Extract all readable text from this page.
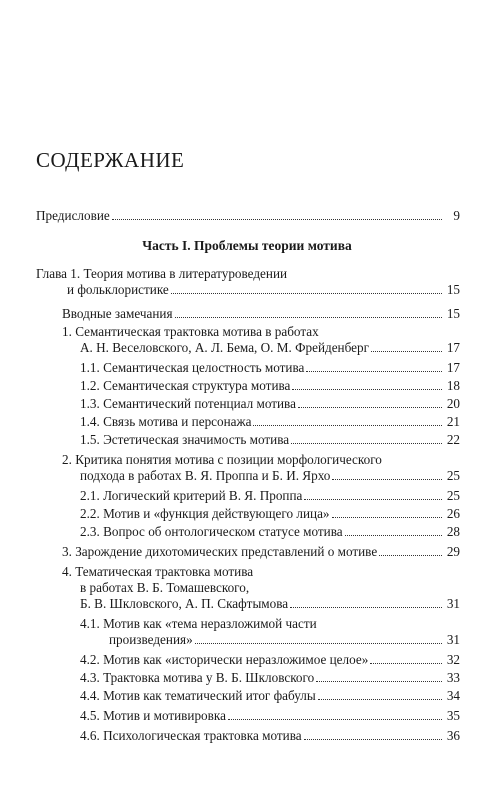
СОДЕРЖАНИЕ
Предисловие	9
Часть I. Проблемы теории мотива
Глава 1. Теория мотива в литературоведении
и фольклористике	15
Вводные замечания	15
1. Семантическая трактовка мотива в работах
А. Н. Веселовского, А. Л. Бема, О. М. Фрейденберг	17
1.1. Семантическая целостность мотива	17
1.2. Семантическая структура мотива	18
1.3. Семантический потенциал мотива	20
1.4. Связь мотива и персонажа	21
1.5. Эстетическая значимость мотива	22
2. Критика понятия мотива с позиции морфологического
подхода в работах В. Я. Проппа и Б. И. Ярхо	25
2.1. Логический критерий В. Я. Проппа	25
2.2. Мотив и «функция действующего лица»	26
2.3. Вопрос об онтологическом статусе мотива	28
3. Зарождение дихотомических представлений о мотиве	29
4. Тематическая трактовка мотива
в работах В. Б. Томашевского,
Б. В. Шкловского, А. П. Скафтымова	31
4.1. Мотив как «тема неразложимой части
произведения»	31
4.2. Мотив как «исторически неразложимое целое»	32
4.3. Трактовка мотива у В. Б. Шкловского	33
4.4. Мотив как тематический итог фабулы	34
4.5. Мотив и мотивировка	35
4.6. Психологическая трактовка мотива	36
